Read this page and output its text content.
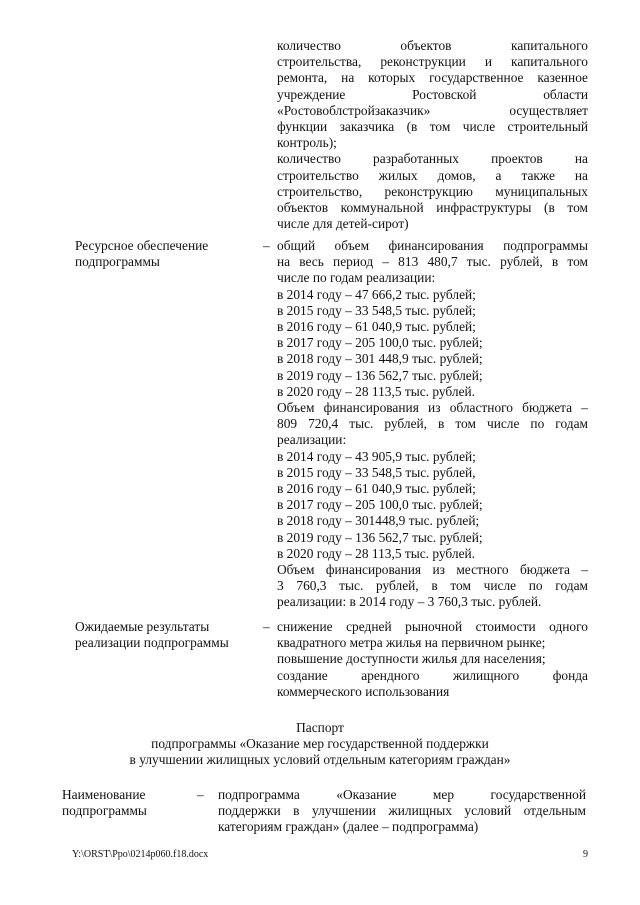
количество объектов капитального
строительства, реконструкции и капитального
ремонта, на которых государственное казенное
учреждение Ростовской области
«Ростовоблстройзаказчик» осуществляет
функции заказчика (в том числе строительный
контроль);
количество разработанных проектов на
строительство жилых домов, а также на
строительство, реконструкцию муниципальных
объектов коммунальной инфраструктуры (в том
числе для детей-сирот)
Ресурсное обеспечение
подпрограммы
– общий объем финансирования подпрограммы
на весь период – 813 480,7 тыс. рублей, в том
числе по годам реализации:
в 2014 году – 47 666,2 тыс. рублей;
в 2015 году – 33 548,5 тыс. рублей;
в 2016 году – 61 040,9 тыс. рублей;
в 2017 году – 205 100,0 тыс. рублей;
в 2018 году – 301 448,9 тыс. рублей;
в 2019 году – 136 562,7 тыс. рублей;
в 2020 году – 28 113,5 тыс. рублей.
Объем финансирования из областного бюджета –
809 720,4 тыс. рублей, в том числе по годам
реализации:
в 2014 году – 43 905,9 тыс. рублей;
в 2015 году – 33 548,5 тыс. рублей,
в 2016 году – 61 040,9 тыс. рублей;
в 2017 году – 205 100,0 тыс. рублей;
в 2018 году – 301448,9 тыс. рублей;
в 2019 году – 136 562,7 тыс. рублей;
в 2020 году – 28 113,5 тыс. рублей.
Объем финансирования из местного бюджета –
3 760,3 тыс. рублей, в том числе по годам
реализации: в 2014 году – 3 760,3 тыс. рублей.
Ожидаемые результаты
реализации подпрограммы
– снижение средней рыночной стоимости одного
квадратного метра жилья на первичном рынке;
повышение доступности жилья для населения;
создание арендного жилищного фонда
коммерческого использования
Паспорт
подпрограммы «Оказание мер государственной поддержки
в улучшении жилищных условий отдельным категориям граждан»
Наименование
подпрограммы
– подпрограмма «Оказание мер государственной
поддержки в улучшении жилищных условий отдельным
категориям граждан» (далее – подпрограмма)
Y:\ORST\Ppo\0214p060.f18.docx	9
